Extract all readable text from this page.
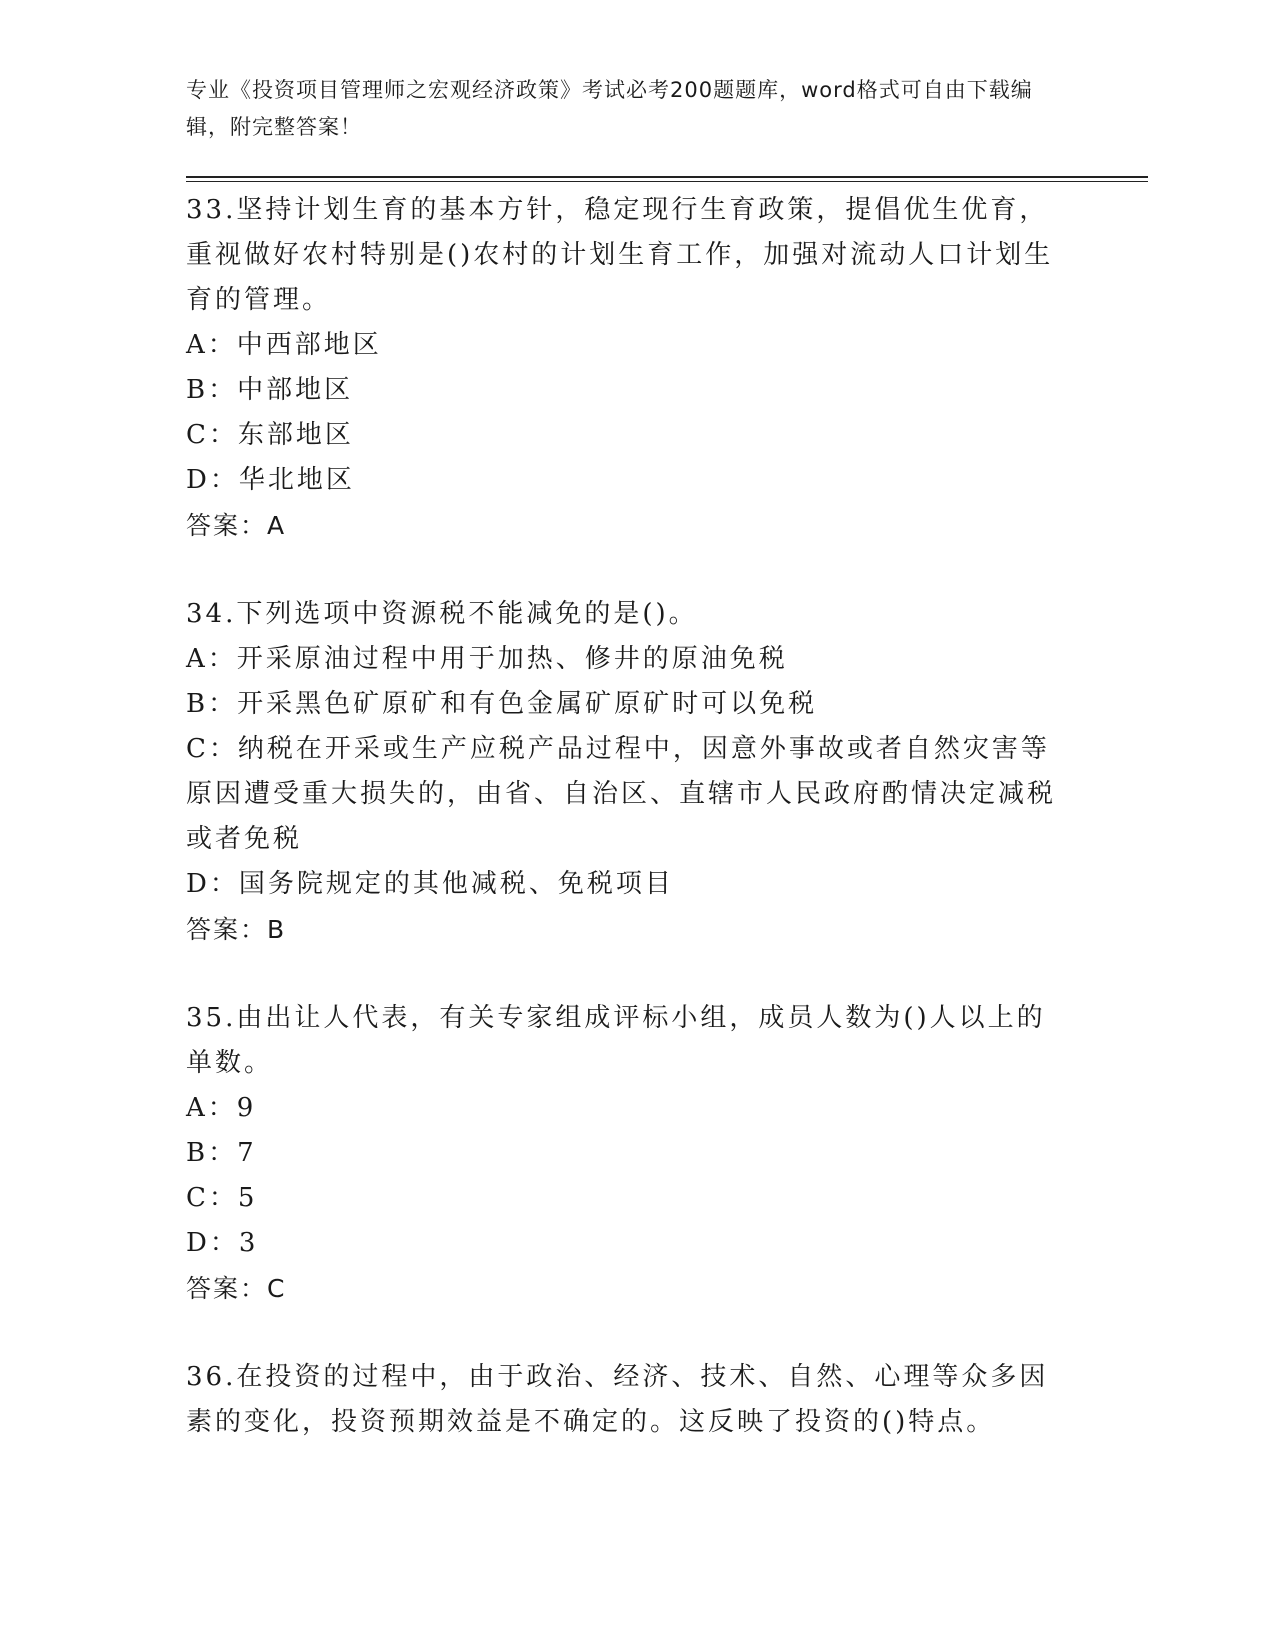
专业《投资项目管理师之宏观经济政策》考试必考200题题库，word格式可自由下载编辑，附完整答案！

33.坚持计划生育的基本方针，稳定现行生育政策，提倡优生优育，重视做好农村特别是()农村的计划生育工作，加强对流动人口计划生育的管理。

A： 中西部地区

B： 中部地区

C： 东部地区

D： 华北地区

答案：A

34.下列选项中资源税不能减免的是()。

A： 开采原油过程中用于加热、修井的原油免税

B： 开采黑色矿原矿和有色金属矿原矿时可以免税

C：纳税在开采或生产应税产品过程中，因意外事故或者自然灾害等原因遭受重大损失的，由省、自治区、直辖市人民政府酌情决定减税或者免税

D： 国务院规定的其他减税、免税项目

答案：B

35.由出让人代表，有关专家组成评标小组，成员人数为()人以上的单数。

A： 9

B： 7

C： 5

D： 3

答案：C

36.在投资的过程中，由于政治、经济、技术、自然、心理等众多因素的变化，投资预期效益是不确定的。这反映了投资的()特点。
